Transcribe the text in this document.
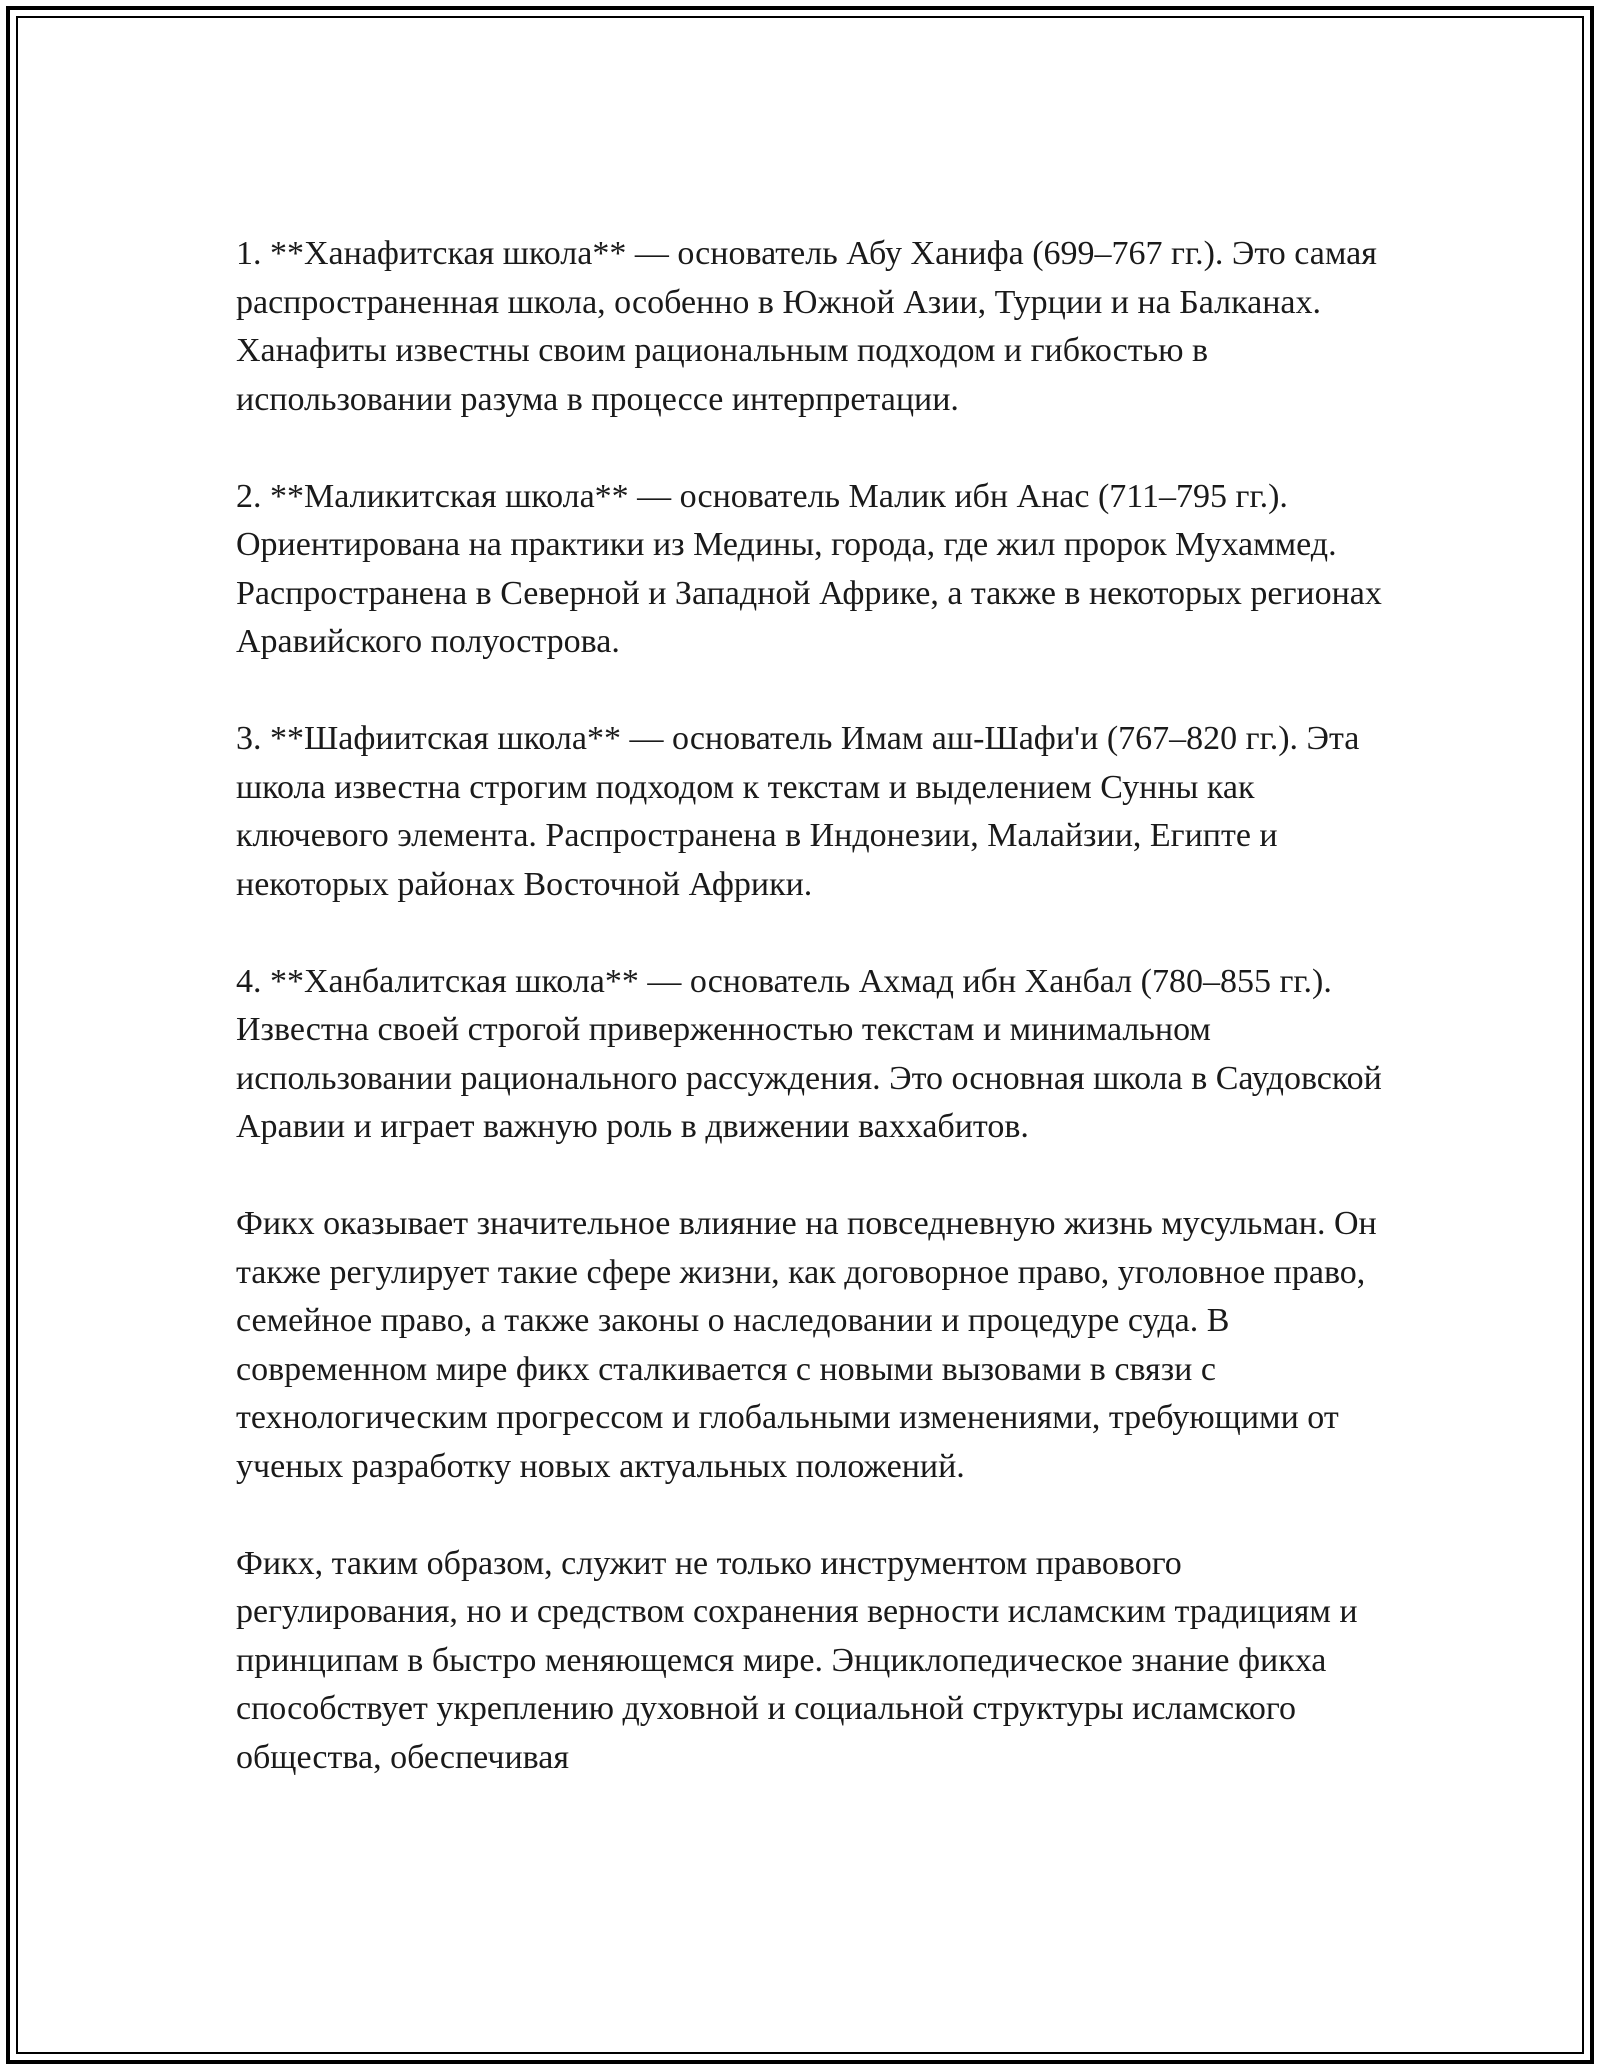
1. **Ханафитская школа** — основатель Абу Ханифа (699–767 гг.). Это самая распространенная школа, особенно в Южной Азии, Турции и на Балканах. Ханафиты известны своим рациональным подходом и гибкостью в использовании разума в процессе интерпретации.

2. **Маликитская школа** — основатель Малик ибн Анас (711–795 гг.). Ориентирована на практики из Медины, города, где жил пророк Мухаммед. Распространена в Северной и Западной Африке, а также в некоторых регионах Аравийского полуострова.

3. **Шафиитская школа** — основатель Имам аш-Шафи'и (767–820 гг.). Эта школа известна строгим подходом к текстам и выделением Сунны как ключевого элемента. Распространена в Индонезии, Малайзии, Египте и некоторых районах Восточной Африки.

4. **Ханбалитская школа** — основатель Ахмад ибн Ханбал (780–855 гг.). Известна своей строгой приверженностью текстам и минимальном использовании рационального рассуждения. Это основная школа в Саудовской Аравии и играет важную роль в движении ваххабитов.

Фикх оказывает значительное влияние на повседневную жизнь мусульман. Он также регулирует такие сфере жизни, как договорное право, уголовное право, семейное право, а также законы о наследовании и процедуре суда. В современном мире фикх сталкивается с новыми вызовами в связи с технологическим прогрессом и глобальными изменениями, требующими от ученых разработку новых актуальных положений.

Фикх, таким образом, служит не только инструментом правового регулирования, но и средством сохранения верности исламским традициям и принципам в быстро меняющемся мире. Энциклопедическое знание фикха способствует укреплению духовной и социальной структуры исламского общества, обеспечивая
